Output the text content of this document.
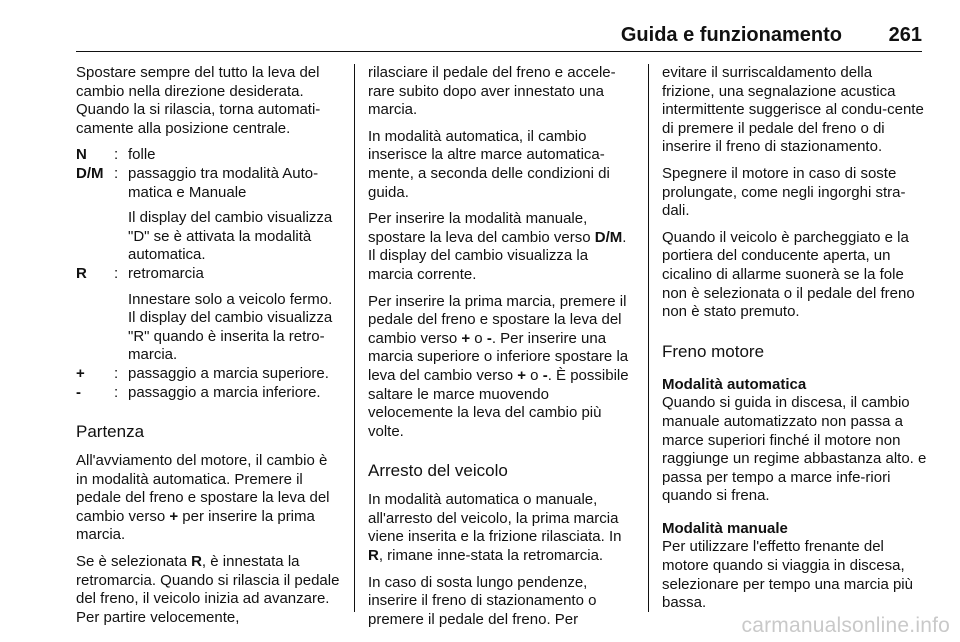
Guida e funzionamento 261

Spostare sempre del tutto la leva del cambio nella direzione desiderata. Quando la si rilascia, torna automati-camente alla posizione centrale.

N	: folle
D/M : passaggio tra modalità Auto-matica e Manuale
Il display del cambio visualizza "D" se è attivata la modalità automatica.
R	: retromarcia
Innestare solo a veicolo fermo. Il display del cambio visualizza "R" quando è inserita la retro-marcia.
+	: passaggio a marcia superiore.
-	: passaggio a marcia inferiore.
Partenza

All'avviamento del motore, il cambio è in modalità automatica. Premere il pedale del freno e spostare la leva del cambio verso + per inserire la prima marcia.

Se è selezionata R, è innestata la retromarcia. Quando si rilascia il pedale del freno, il veicolo inizia ad avanzare. Per partire velocemente,

rilasciare il pedale del freno e accele-rare subito dopo aver innestato una marcia.

In modalità automatica, il cambio inserisce la altre marce automatica-mente, a seconda delle condizioni di guida.

Per inserire la modalità manuale, spostare la leva del cambio verso D/M. Il display del cambio visualizza la marcia corrente.

Per inserire la prima marcia, premere il pedale del freno e spostare la leva del cambio verso + o -. Per inserire una marcia superiore o inferiore spostare la leva del cambio verso + o -. È possibile saltare le marce muovendo velocemente la leva del cambio più volte.

Arresto del veicolo

In modalità automatica o manuale, all'arresto del veicolo, la prima marcia viene inserita e la frizione rilasciata. In R, rimane inne-stata la retromarcia.

In caso di sosta lungo pendenze, inserire il freno di stazionamento o premere il pedale del freno. Per

evitare il surriscaldamento della frizione, una segnalazione acustica intermittente suggerisce al condu-cente di premere il pedale del freno o di inserire il freno di stazionamento.

Spegnere il motore in caso di soste prolungate, come negli ingorghi stra-dali.

Quando il veicolo è parcheggiato e la portiera del conducente aperta, un cicalino di allarme suonerà se la fole non è selezionata o il pedale del freno non è stato premuto.

Freno motore
Modalità automatica

Quando si guida in discesa, il cambio manuale automatizzato non passa a marce superiori finché il motore non raggiunge un regime abbastanza alto. e passa per tempo a marce infe-riori quando si frena.

Modalità manuale

Per utilizzare l'effetto frenante del motore quando si viaggia in discesa, selezionare per tempo una marcia più bassa.

carmanualsonline.info
